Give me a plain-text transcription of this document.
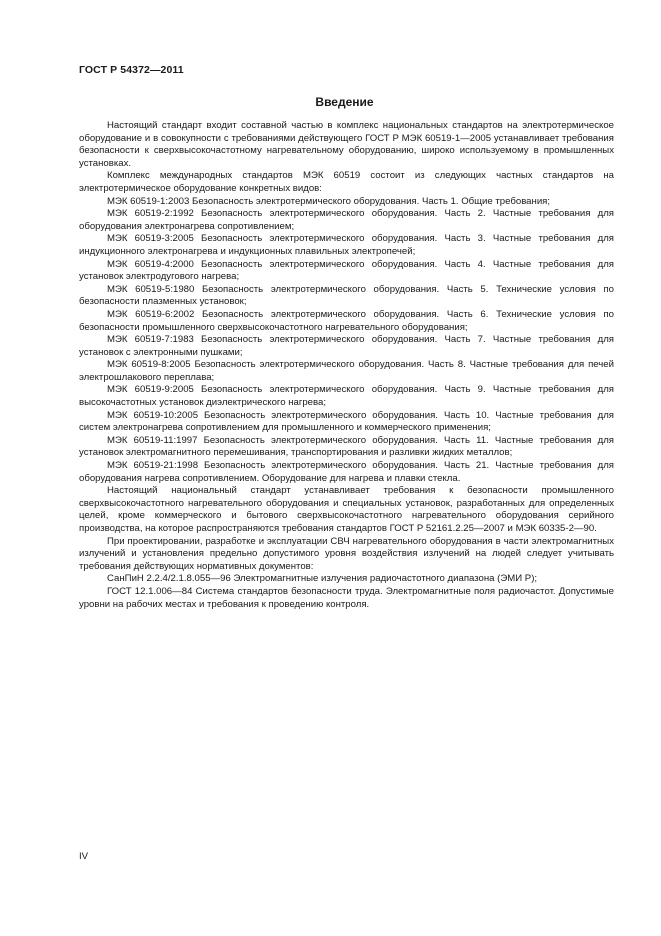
ГОСТ Р 54372—2011
Введение

Настоящий стандарт входит составной частью в комплекс национальных стандартов на электротермическое оборудование и в совокупности с требованиями действующего ГОСТ Р МЭК 60519-1—2005 устанавливает требования безопасности к сверхвысокочастотному нагревательному оборудованию, широко используемому в промышленных установках.

Комплекс международных стандартов МЭК 60519 состоит из следующих частных стандартов на электротермическое оборудование конкретных видов:

МЭК 60519-1:2003 Безопасность электротермического оборудования. Часть 1. Общие требования;

МЭК 60519-2:1992 Безопасность электротермического оборудования. Часть 2. Частные требования для оборудования электронагрева сопротивлением;

МЭК 60519-3:2005 Безопасность электротермического оборудования. Часть 3. Частные требования для индукционного электронагрева и индукционных плавильных электропечей;

МЭК 60519-4:2000 Безопасность электротермического оборудования. Часть 4. Частные требования для установок электродугового нагрева;

МЭК 60519-5:1980 Безопасность электротермического оборудования. Часть 5. Технические условия по безопасности плазменных установок;

МЭК 60519-6:2002 Безопасность электротермического оборудования. Часть 6. Технические условия по безопасности промышленного сверхвысокочастотного нагревательного оборудования;

МЭК 60519-7:1983 Безопасность электротермического оборудования. Часть 7. Частные требования для установок с электронными пушками;

МЭК 60519-8:2005 Безопасность электротермического оборудования. Часть 8. Частные требования для печей электрошлакового переплава;

МЭК 60519-9:2005 Безопасность электротермического оборудования. Часть 9. Частные требования для высокочастотных установок диэлектрического нагрева;

МЭК 60519-10:2005 Безопасность электротермического оборудования. Часть 10. Частные требования для систем электронагрева сопротивлением для промышленного и коммерческого применения;

МЭК 60519-11:1997 Безопасность электротермического оборудования. Часть 11. Частные требования для установок электромагнитного перемешивания, транспортирования и разливки жидких металлов;

МЭК 60519-21:1998 Безопасность электротермического оборудования. Часть 21. Частные требования для оборудования нагрева сопротивлением. Оборудование для нагрева и плавки стекла.

Настоящий национальный стандарт устанавливает требования к безопасности промышленного сверхвысокочастотного нагревательного оборудования и специальных установок, разработанных для определенных целей, кроме коммерческого и бытового сверхвысокочастотного нагревательного оборудования серийного производства, на которое распространяются требования стандартов ГОСТ Р 52161.2.25—2007 и МЭК 60335-2—90.

При проектировании, разработке и эксплуатации СВЧ нагревательного оборудования в части электромагнитных излучений и установления предельно допустимого уровня воздействия излучений на людей следует учитывать требования действующих нормативных документов:

СанПиН 2.2.4/2.1.8.055—96 Электромагнитные излучения радиочастотного диапазона (ЭМИ Р);

ГОСТ 12.1.006—84 Система стандартов безопасности труда. Электромагнитные поля радиочастот. Допустимые уровни на рабочих местах и требования к проведению контроля.

IV
